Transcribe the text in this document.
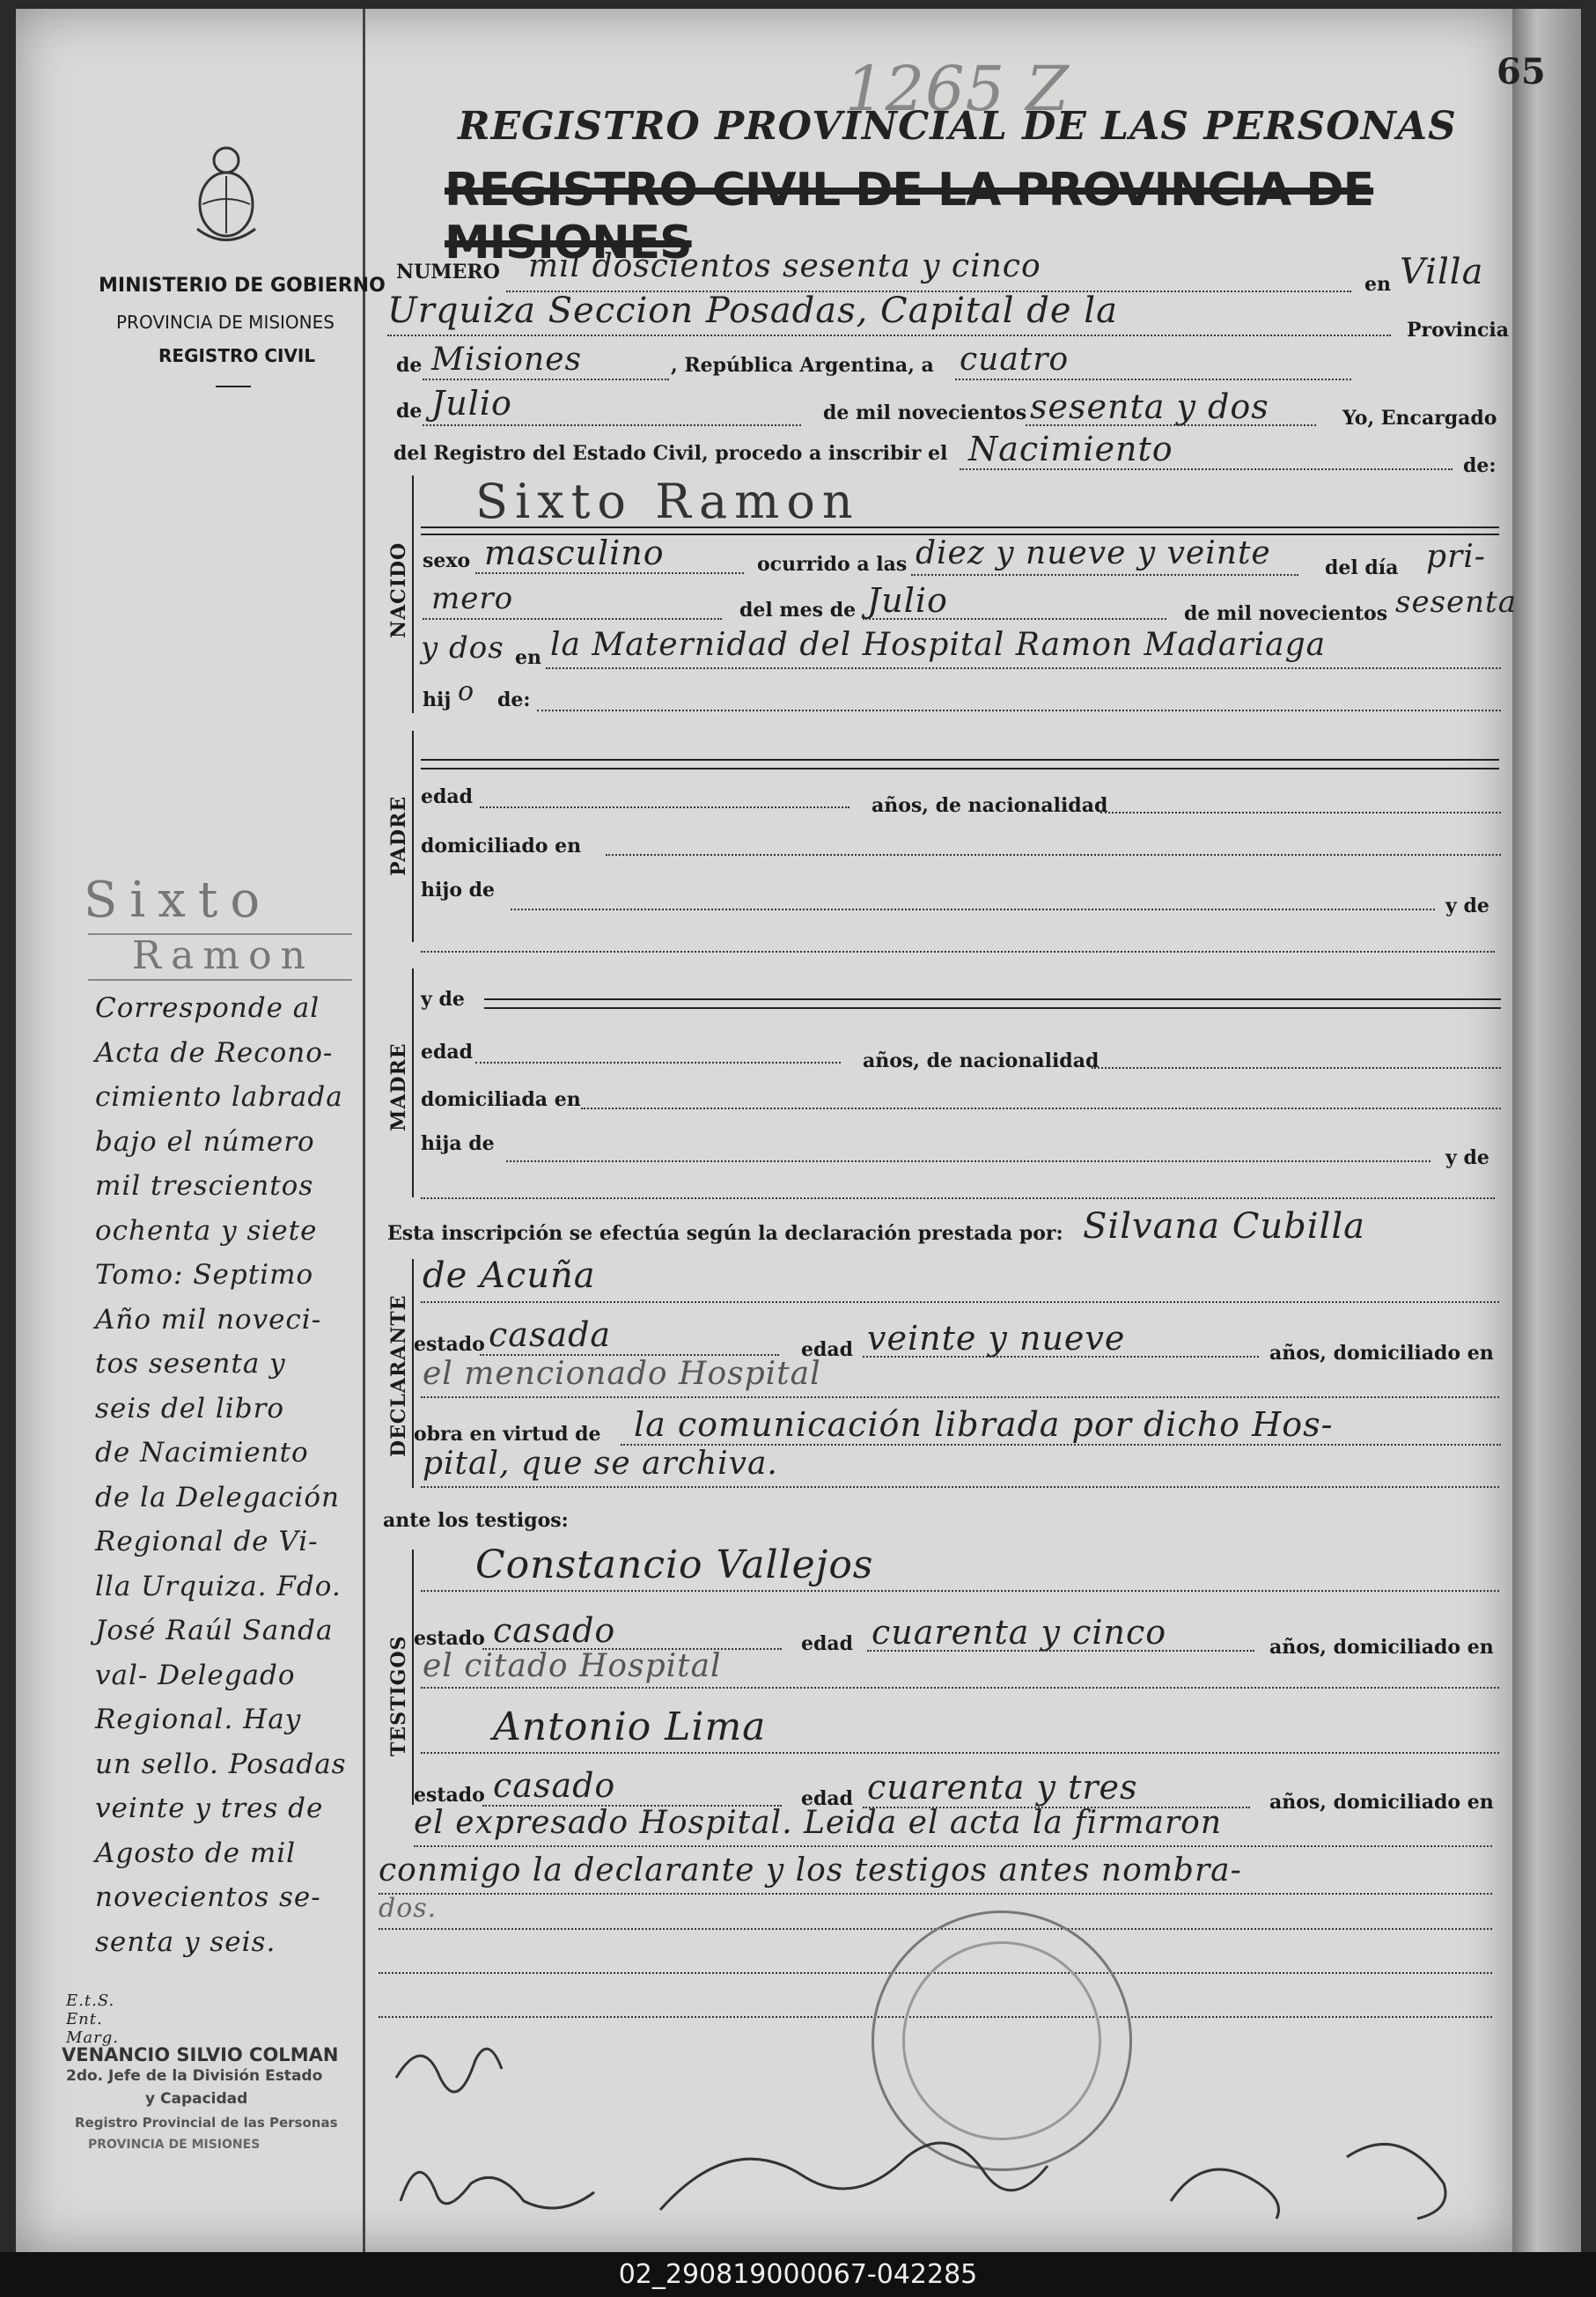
1265 Z	65
REGISTRO PROVINCIAL DE LAS PERSONAS
REGISTRO CIVIL DE LA PROVINCIA DE MISIONES
MINISTERIO DE GOBIERNO
PROVINCIA DE MISIONES
REGISTRO CIVIL
NUMERO mil doscientos sesenta y cinco	en Villa
Urquiza Seccion Posadas, Capital de la	Provincia
de Misiones	, República Argentina, a cuatro
de Julio	de mil novecientos sesenta y dos	Yo, Encargado
del Registro del Estado Civil, procedo a inscribir el Nacimiento	de:
NACIDO
Sixto Ramon
sexo masculino	ocurrido a las diez y nueve y veinte	del día pri-
mero	del mes de Julio	de mil novecientos sesenta
y dos en la Maternidad del Hospital Ramon Madariaga
hij o de:
PADRE edad	años, de nacionalidad
domiciliado en
hijo de
y de
MADRE
y de
edad	años, de nacionalidad
domiciliada en
hija de
y de
Esta inscripción se efectúa según la declaración prestada por: Silvana Cubilla
DECLARANTE
de Acuña
estado casada	edad veinte y nueve	años, domiciliado en
el mencionado Hospital
obra en virtud de la comunicación librada por dicho Hos-
pital, que se archiva.
ante los testigos:
Constancio Vallejos
TESTIGOS estado casado	edad cuarenta y cinco	años, domiciliado en
el citado Hospital
Antonio Lima
estado casado	edad cuarenta y tres	años, domiciliado en
el expresado Hospital. Leida el acta la firmaron
conmigo la declarante y los testigos antes nombra-
dos.
Sixto
Ramon
Corresponde al
Acta de Recono-
cimiento labrada
bajo el número
mil trescientos
ochenta y siete
Tomo: Septimo
Año mil noveci-
tos sesenta y
seis del libro
de Nacimiento
de la Delegación
Regional de Vi-
lla Urquiza. Fdo.
José Raúl Sanda
val- Delegado
Regional. Hay
un sello. Posadas
veinte y tres de
Agosto de mil
novecientos se-
senta y seis.
E.t.S. Ent. Marg.
VENANCIO SILVIO COLMAN
2do. Jefe de la División Estado
y Capacidad
Registro Provincial de las Personas
PROVINCIA DE MISIONES
02_290819000067-042285
